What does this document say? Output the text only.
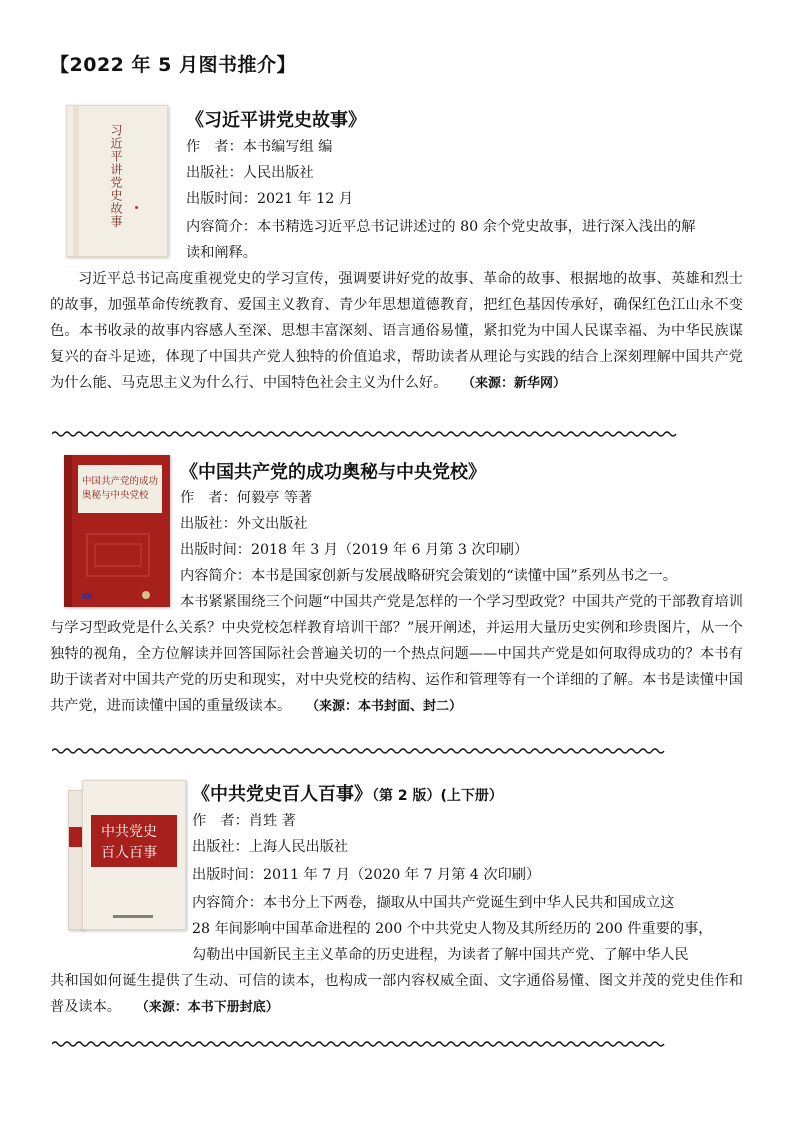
【2022 年 5 月图书推介】
习近平讲党史故事
《习近平讲党史故事》
作　者：本书编写组 编
出版社：人民出版社
出版时间：2021 年 12 月
内容简介：本书精选习近平总书记讲述过的 80 余个党史故事，进行深入浅出的解
读和阐释。
习近平总书记高度重视党史的学习宣传，强调要讲好党的故事、革命的故事、根据地的故事、英雄和烈士的故事，加强革命传统教育、爱国主义教育、青少年思想道德教育，把红色基因传承好，确保红色江山永不变色。本书收录的故事内容感人至深、思想丰富深刻、语言通俗易懂，紧扣党为中国人民谋幸福、为中华民族谋复兴的奋斗足迹，体现了中国共产党人独特的价值追求，帮助读者从理论与实践的结合上深刻理解中国共产党为什么能、马克思主义为什么行、中国特色社会主义为什么好。　　 （来源：新华网）
中国共产党的成功
奥秘与中央党校
《中国共产党的成功奥秘与中央党校》
作　者：何毅亭 等著
出版社：外文出版社
出版时间：2018 年 3 月（2019 年 6 月第 3 次印刷）
内容简介：本书是国家创新与发展战略研究会策划的“读懂中国”系列丛书之一。
本书紧紧围绕三个问题“中国共产党是怎样的一个学习型政党？中国共产党的干部教育培训与学习型政党是什么关系？中央党校怎样教育培训干部？”展开阐述，并运用大量历史实例和珍贵图片，从一个独特的视角，全方位解读并回答国际社会普遍关切的一个热点问题——中国共产党是如何取得成功的？本书有助于读者对中国共产党的历史和现实，对中央党校的结构、运作和管理等有一个详细的了解。本书是读懂中国共产党，进而读懂中国的重量级读本。　　 （来源：本书封面、封二）
中共党史
百人百事
《中共党史百人百事》（第 2 版）(上下册）
作　者：肖甡 著
出版社：上海人民出版社
出版时间：2011 年 7 月（2020 年 7 月第 4 次印刷）
内容简介：本书分上下两卷，撷取从中国共产党诞生到中华人民共和国成立这
28 年间影响中国革命进程的 200 个中共党史人物及其所经历的 200 件重要的事，
勾勒出中国新民主主义革命的历史进程，为读者了解中国共产党、了解中华人民
共和国如何诞生提供了生动、可信的读本，也构成一部内容权威全面、文字通俗易懂、图文并茂的党史佳作和普及读本。　　 （来源：本书下册封底）
